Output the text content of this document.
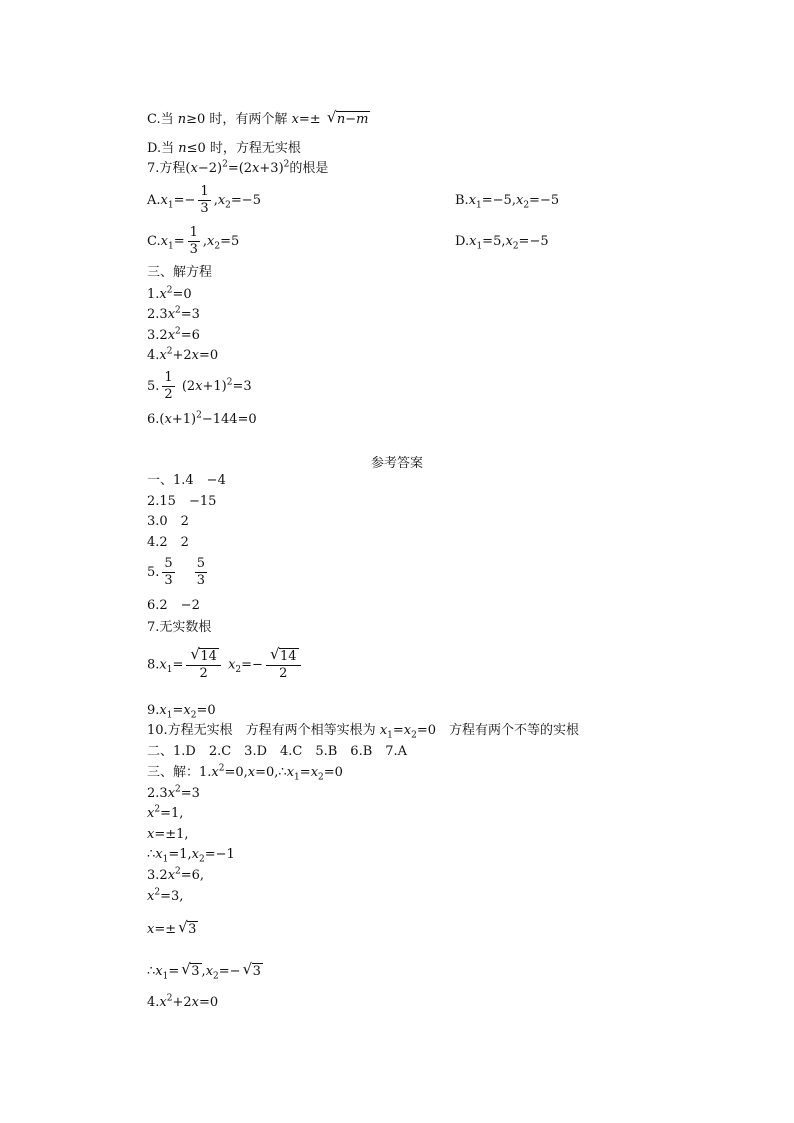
C.当 n≥0 时，有两个解 x=± √ n−m
D.当 n≤0 时，方程无实根
7.方程$(x-2)^2=(2x+3)^2$的根是
$A.x_1=- \frac{1}{3} ,x_2=-5$	$B.x_1=-5,x_2=-5$
$C.x_1= \frac{1}{3} ,x_2=5$	$D.x_1=5,x_2=-5$
三、解方程
$1.x^2=0$
$2.3x^2=3$
$3.2x^2=6$
$4.x^2+2x=0$
5. $\frac{1}{2} (2x+1)^2=3$
$6.(x+1)^2-144=0$
参考答案
一、1.4　−4
2.15　−15
3.0　2
4.2　2
5. $\frac{5}{3} \frac{5}{3}$
6.2　−2
7.无实数根
$8.x_1= \frac{√ 14}{2} x_2=- \frac{√ 14}{2}$
$9.x_1=x_2=0$
10.方程无实根　方程有两个相等实根为 $x_1=x_2=0$　方程有两个不等的实根
二、1.D　2.C　3.D　4.C　5.B　6.B　7.A
三、解：$1.x^2=0,x=0,\therefore x_1=x_2=0$
$2.3x^2=3$
$x^2=1$,
x=±1,
$\therefore x_1=1,x_2=-1$
$3.2x^2=6$,
$x^2=3$,
x=± √ 3
$\therefore x_1=$ √ 3 $,x_2=-$ √ 3
$4.x^2+2x=0$
